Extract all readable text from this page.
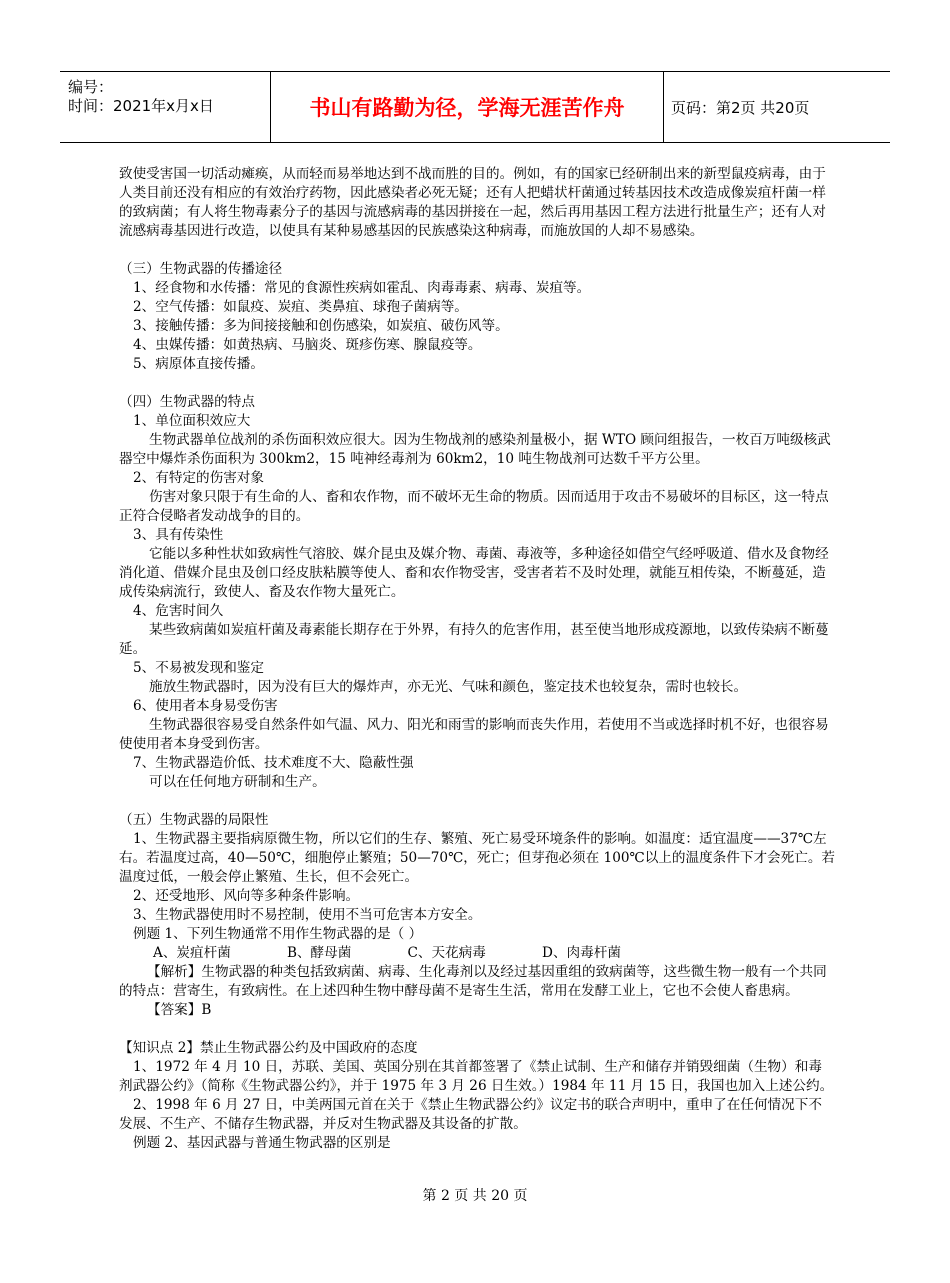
编号：
时间：2021年x月x日	书山有路勤为径，学海无涯苦作舟	页码：第2页 共20页

致使受害国一切活动瘫痪，从而轻而易举地达到不战而胜的目的。例如，有的国家已经研制出来的新型鼠疫病毒，由于人类目前还没有相应的有效治疗药物，因此感染者必死无疑；还有人把蜡状杆菌通过转基因技术改造成像炭疽杆菌一样的致病菌；有人将生物毒素分子的基因与流感病毒的基因拼接在一起，然后再用基因工程方法进行批量生产；还有人对流感病毒基因进行改造，以使具有某种易感基因的民族感染这种病毒，而施放国的人却不易感染。

（三）生物武器的传播途径

1、经食物和水传播：常见的食源性疾病如霍乱、肉毒毒素、病毒、炭疽等。

2、空气传播：如鼠疫、炭疽、类鼻疽、球孢子菌病等。

3、接触传播：多为间接接触和创伤感染，如炭疽、破伤风等。

4、虫媒传播：如黄热病、马脑炎、斑疹伤寒、腺鼠疫等。

5、病原体直接传播。

（四）生物武器的特点

1、单位面积效应大

生物武器单位战剂的杀伤面积效应很大。因为生物战剂的感染剂量极小，据 WTO 顾问组报告，一枚百万吨级核武器空中爆炸杀伤面积为 300km2，15 吨神经毒剂为 60km2，10 吨生物战剂可达数千平方公里。

2、有特定的伤害对象

伤害对象只限于有生命的人、畜和农作物，而不破坏无生命的物质。因而适用于攻击不易破坏的目标区，这一特点正符合侵略者发动战争的目的。

3、具有传染性

它能以多种性状如致病性气溶胶、媒介昆虫及媒介物、毒菌、毒液等，多种途径如借空气经呼吸道、借水及食物经消化道、借媒介昆虫及创口经皮肤粘膜等使人、畜和农作物受害，受害者若不及时处理，就能互相传染，不断蔓延，造成传染病流行，致使人、畜及农作物大量死亡。

4、危害时间久

某些致病菌如炭疽杆菌及毒素能长期存在于外界，有持久的危害作用，甚至使当地形成疫源地，以致传染病不断蔓延。

5、不易被发现和鉴定

施放生物武器时，因为没有巨大的爆炸声，亦无光、气味和颜色，鉴定技术也较复杂，需时也较长。

6、使用者本身易受伤害

生物武器很容易受自然条件如气温、风力、阳光和雨雪的影响而丧失作用，若使用不当或选择时机不好，也很容易使使用者本身受到伤害。

7、生物武器造价低、技术难度不大、隐蔽性强

可以在任何地方研制和生产。

（五）生物武器的局限性

1、生物武器主要指病原微生物，所以它们的生存、繁殖、死亡易受环境条件的影响。如温度：适宜温度——37℃左右。若温度过高，40—50℃，细胞停止繁殖；50—70℃，死亡；但芽孢必须在 100℃以上的温度条件下才会死亡。若温度过低，一般会停止繁殖、生长，但不会死亡。

2、还受地形、风向等多种条件影响。

3、生物武器使用时不易控制，使用不当可危害本方安全。

例题 1、下列生物通常不用作生物武器的是（ ）

A、炭疽杆菌             B、酵母菌             C、天花病毒             D、肉毒杆菌

【解析】生物武器的种类包括致病菌、病毒、生化毒剂以及经过基因重组的致病菌等，这些微生物一般有一个共同的特点：营寄生，有致病性。在上述四种生物中酵母菌不是寄生生活，常用在发酵工业上，它也不会使人畜患病。

【答案】B

【知识点 2】禁止生物武器公约及中国政府的态度

1、1972 年 4 月 10 日，苏联、美国、英国分别在其首都签署了《禁止试制、生产和储存并销毁细菌（生物）和毒剂武器公约》（简称《生物武器公约》，并于 1975 年 3 月 26 日生效。）1984 年 11 月 15 日，我国也加入上述公约。

2、1998 年 6 月 27 日，中美两国元首在关于《禁止生物武器公约》议定书的联合声明中，重申了在任何情况下不发展、不生产、不储存生物武器，并反对生物武器及其设备的扩散。

例题 2、基因武器与普通生物武器的区别是

第 2 页 共 20 页
